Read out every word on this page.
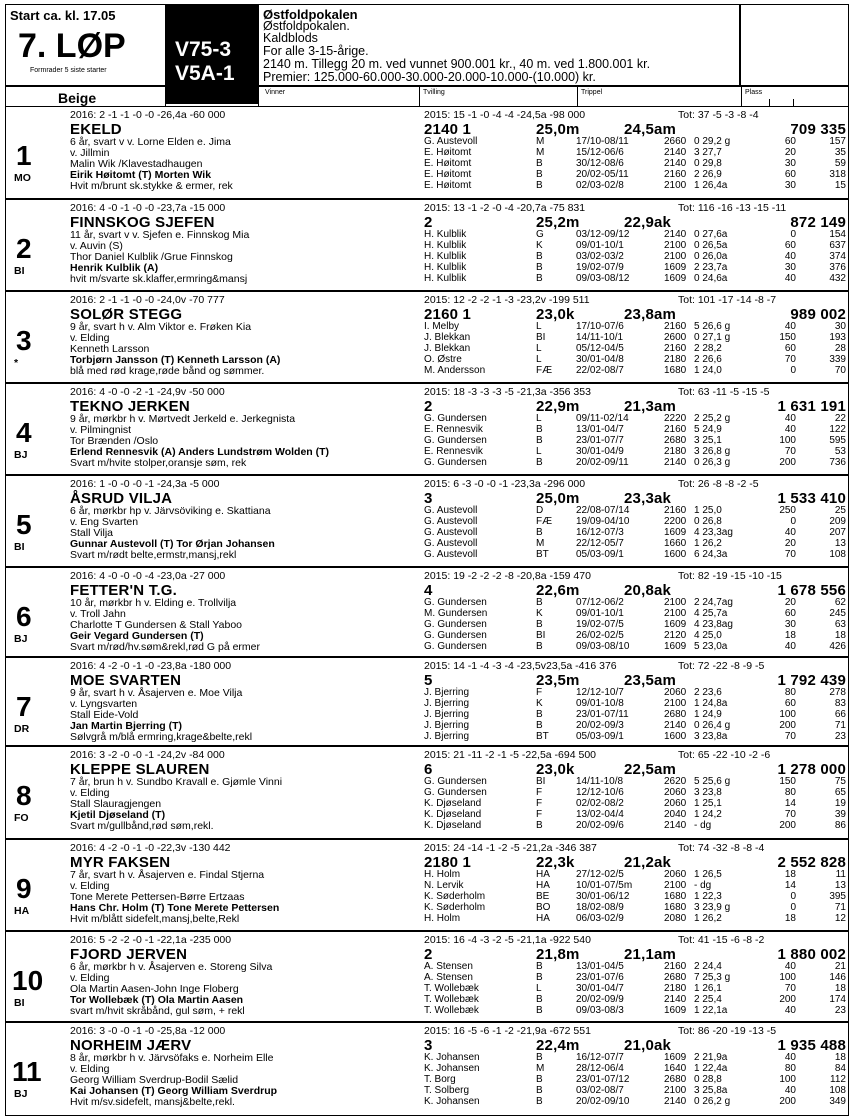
Start ca. kl. 17.05
7. LØP
Formrader 5 siste starter
V75-3
V5A-1
Østfoldpokalen
Østfoldpokalen.
Kaldblods
For alle 3-15-årige.
2140 m. Tillegg 20 m. ved vunnet 900.001 kr., 40 m. ved 1.800.001 kr.
Premier: 125.000-60.000-30.000-20.000-10.000-(10.000) kr.
Beige	Vinner	Tvilling	Trippel	Plass
2016: 2 -1 -1 -0 -0 -26,4a -60 000	2015: 15 -1 -0 -4 -4 -24,5a -98 000	Tot: 37 -5 -3 -8 -4
EKELD	2140 1	25,0m	24,5am	709 335
1
MO
6 år, svart v v. Lorne Elden e. Jima
v. Jillmin
Malin Wik /Klavestadhaugen
Eirik Høitomt (T) Morten Wik
Hvit m/brunt sk.stykke & ermer, rek
G. Austevoll	M	17/10-08/11	2660 0 29,2 g	60	157
E. Høitomt	M	15/12-06/6	2140 3 27,7	20	35
E. Høitomt	B	30/12-08/6	2140 0 29,8	30	59
E. Høitomt	B	20/02-05/11	2160 2 26,9	60	318
E. Høitomt	B	02/03-02/8	2100 1 26,4a	30	15
2016: 4 -0 -1 -0 -0 -23,7a -15 000	2015: 13 -1 -2 -0 -4 -20,7a -75 831	Tot: 116 -16 -13 -15 -11
FINNSKOG SJEFEN	2	25,2m	22,9ak	872 149
2
BI
11 år, svart v v. Sjefen e. Finnskog Mia
v. Auvin (S)
Thor Daniel Kulblik /Grue Finnskog
Henrik Kulblik (A)
hvit m/svarte sk.klaffer,ermring&mansj
H. Kulblik	G	03/12-09/12	2140 0 27,6a	0	154
H. Kulblik	K	09/01-10/1	2100 0 26,5a	60	637
H. Kulblik	B	03/02-03/2	2100 0 26,0a	40	374
H. Kulblik	B	19/02-07/9	1609 2 23,7a	30	376
H. Kulblik	B	09/03-08/12	1609 0 24,6a	40	432
2016: 2 -1 -1 -0 -0 -24,0v -70 777	2015: 12 -2 -2 -1 -3 -23,2v -199 511	Tot: 101 -17 -14 -8 -7
SOLØR STEGG	2160 1	23,0k	23,8am	989 002
3
*
9 år, svart h v. Alm Viktor e. Frøken Kia
v. Elding
Kenneth Larsson
Torbjørn Jansson (T) Kenneth Larsson (A)
blå med rød krage,røde bånd og sømmer.
I. Melby	L	17/10-07/6	2160 5 26,6 g	40	30
J. Blekkan	BI	14/11-10/1	2600 0 27,1 g	150	193
J. Blekkan	L	05/12-04/5	2160 2 28,2	60	28
O. Østre	L	30/01-04/8	2180 2 26,6	70	339
M. Andersson	FÆ 22/02-08/7	1680 1 24,0	0	70
2016: 4 -0 -0 -2 -1 -24,9v -50 000	2015: 18 -3 -3 -3 -5 -21,3a -356 353	Tot: 63 -11 -5 -15 -5
TEKNO JERKEN	2	22,9m	21,3am	1 631 191
4
BJ
9 år, mørkbr h v. Mørtvedt Jerkeld e. Jerkegnista
v. Pilmingnist
Tor Brænden /Oslo
Erlend Rennesvik (A) Anders Lundstrøm Wolden (T)
Svart m/hvite stolper,oransje søm, rek
G. Gundersen	L	09/11-02/14	2220 2 25,2 g	40	22
E. Rennesvik	B	13/01-04/7	2160 5 24,9	40	122
G. Gundersen	B	23/01-07/7	2680 3 25,1	100	595
E. Rennesvik	L	30/01-04/9	2180 3 26,8 g	70	53
G. Gundersen	B	20/02-09/11	2140 0 26,3 g	200	736
2016: 1 -0 -0 -0 -1 -24,3a -5 000	2015: 6 -3 -0 -0 -1 -23,3a -296 000	Tot: 26 -8 -8 -2 -5
ÅSRUD VILJA	3	25,0m	23,3ak	1 533 410
5
BI
6 år, mørkbr hp v. Järvsöviking e. Skattiana
v. Eng Svarten
Stall Vilja
Gunnar Austevoll (T) Tor Ørjan Johansen
Svart m/rødt belte,ermstr,mansj,rekl
G. Austevoll	D	22/08-07/14	2160 1 25,0	250	25
G. Austevoll	FÆ 19/09-04/10	2200 0 26,8	0	209
G. Austevoll	B	16/12-07/3	1609 4 23,3ag	40	207
G. Austevoll	M	22/12-05/7	1660 1 26,2	20	13
G. Austevoll	BT	05/03-09/1	1600 6 24,3a	70	108
2016: 4 -0 -0 -0 -4 -23,0a -27 000	2015: 19 -2 -2 -2 -8 -20,8a -159 470	Tot: 82 -19 -15 -10 -15
FETTER'N T.G.	4	22,6m	20,8ak	1 678 556
6
BJ
10 år, mørkbr h v. Elding e. Trollvilja
v. Troll Jahn
Charlotte T Gundersen & Stall Yaboo
Geir Vegard Gundersen (T)
Svart m/rød/hv.søm&rekl,rød G på ermer
G. Gundersen	B	07/12-06/2	2100 2 24,7ag	20	62
M. Gundersen	K	09/01-10/1	2100 4 25,7a	60	245
G. Gundersen	B	19/02-07/5	1609 4 23,8ag	30	63
G. Gundersen	BI	26/02-02/5	2120 4 25,0	18	18
G. Gundersen	B	09/03-08/10	1609 5 23,0a	40	426
2016: 4 -2 -0 -1 -0 -23,8a -180 000	2015: 14 -1 -4 -3 -4 -23,5v23,5a -416 376	Tot: 72 -22 -8 -9 -5
MOE SVARTEN	5	23,5m	23,5am	1 792 439
7
DR
9 år, svart h v. Åsajerven e. Moe Vilja
v. Lyngsvarten
Stall Eide-Vold
Jan Martin Bjerring (T)
Sølvgrå m/blå ermring,krage&belte,rekl
J. Bjerring	F	12/12-10/7	2060 2 23,6	80	278
J. Bjerring	K	09/01-10/8	2100 1 24,8a	60	83
J. Bjerring	B	23/01-07/11	2680 1 24,9	100	66
J. Bjerring	B	20/02-09/3	2140 0 26,4 g	200	71
J. Bjerring	BT	05/03-09/1	1600 3 23,8a	70	23
2016: 3 -2 -0 -0 -1 -24,2v -84 000	2015: 21 -11 -2 -1 -5 -22,5a -694 500	Tot: 65 -22 -10 -2 -6
KLEPPE SLAUREN	6	23,0k	22,5am	1 278 000
8
FO
7 år, brun h v. Sundbo Kravall e. Gjømle Vinni
v. Elding
Stall Slauragjengen
Kjetil Djøseland (T)
Svart m/gullbånd,rød søm,rekl.
G. Gundersen	BI	14/11-10/8	2620 5 25,6 g	150	75
G. Gundersen	F	12/12-10/6	2060 3 23,8	80	65
K. Djøseland	F	02/02-08/2	2060 1 25,1	14	19
K. Djøseland	F	13/02-04/4	2040 1 24,2	70	39
K. Djøseland	B	20/02-09/6	2140 - dg	200	86
2016: 4 -2 -0 -1 -0 -22,3v -130 442	2015: 24 -14 -1 -2 -5 -21,2a -346 387	Tot: 74 -32 -8 -8 -4
MYR FAKSEN	2180 1	22,3k	21,2ak	2 552 828
9
HA
7 år, svart h v. Åsajerven e. Findal Stjerna
v. Elding
Tone Merete Pettersen-Børre Ertzaas
Hans Chr. Holm (T) Tone Merete Pettersen
Hvit m/blått sidefelt,mansj,belte,Rekl
H. Holm	HA	27/12-02/5	2060 1 26,5	18	11
N. Lervik	HA	10/01-07/5m	2100 - dg	14	13
K. Søderholm	BE	30/01-06/12	1680 1 22,3	0	395
K. Søderholm	BO	18/02-08/9	1680 3 23,9 g	0	71
H. Holm	HA	06/03-02/9	2080 1 26,2	18	12
2016: 5 -2 -2 -0 -1 -22,1a -235 000	2015: 16 -4 -3 -2 -5 -21,1a -922 540	Tot: 41 -15 -6 -8 -2
FJORD JERVEN	2	21,8m	21,1am	1 880 002
10
BI
6 år, mørkbr h v. Åsajerven e. Storeng Silva
v. Elding
Ola Martin Aasen-John Inge Floberg
Tor Wollebæk (T) Ola Martin Aasen
svart m/hvit skråbånd, gul søm, + rekl
A. Stensen	B	13/01-04/5	2160 2 24,4	40	21
A. Stensen	B	23/01-07/6	2680 7 25,3 g	100	146
T. Wollebæk	L	30/01-04/7	2180 1 26,1	70	18
T. Wollebæk	B	20/02-09/9	2140 2 25,4	200	174
T. Wollebæk	B	09/03-08/3	1609 1 22,1a	40	23
2016: 3 -0 -0 -1 -0 -25,8a -12 000	2015: 16 -5 -6 -1 -2 -21,9a -672 551	Tot: 86 -20 -19 -13 -5
NORHEIM JÆRV	3	22,4m	21,0ak	1 935 488
11
BJ
8 år, mørkbr h v. Järvsöfaks e. Norheim Elle
v. Elding
Georg William Sverdrup-Bodil Sælid
Kai Johansen (T) Georg William Sverdrup
Hvit m/sv.sidefelt, mansj&belte,rekl.
K. Johansen	B	16/12-07/7	1609 2 21,9a	40	18
K. Johansen	M	28/12-06/4	1640 1 22,4a	80	84
T. Borg	B	23/01-07/12	2680 0 28,8	100	112
T. Solberg	B	03/02-08/7	2100 3 25,8a	40	108
K. Johansen	B	20/02-09/10	2140 0 26,2 g	200	349
